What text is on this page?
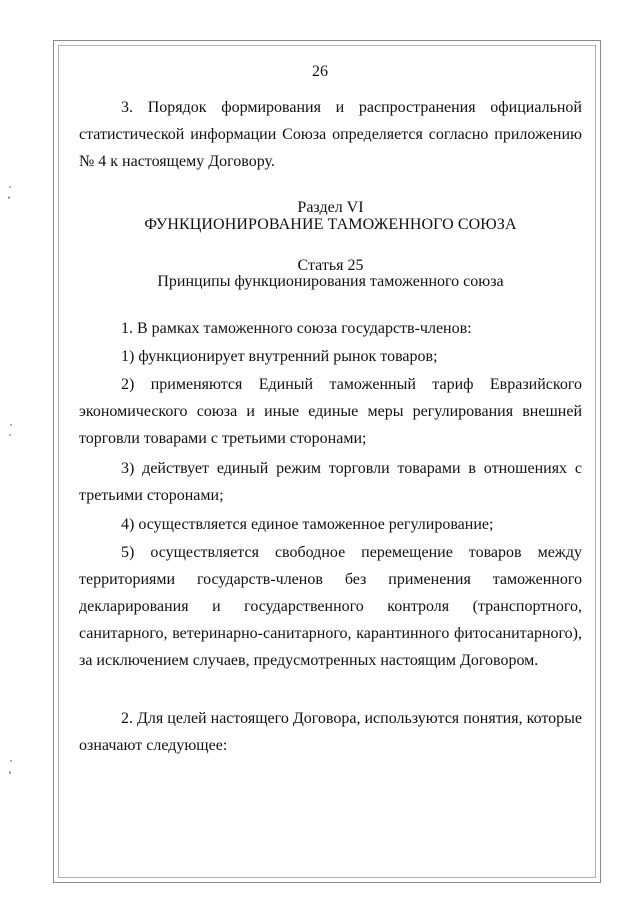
26
3. Порядок формирования и распространения официальной статистической информации Союза определяется согласно приложению № 4 к настоящему Договору.
Раздел VI
ФУНКЦИОНИРОВАНИЕ ТАМОЖЕННОГО СОЮЗА
Статья 25
Принципы функционирования таможенного союза
1. В рамках таможенного союза государств-членов:
1) функционирует внутренний рынок товаров;
2) применяются Единый таможенный тариф Евразийского экономического союза и иные единые меры регулирования внешней торговли товарами с третьими сторонами;
3) действует единый режим торговли товарами в отношениях с третьими сторонами;
4) осуществляется единое таможенное регулирование;
5) осуществляется свободное перемещение товаров между территориями государств-членов без применения таможенного декларирования и государственного контроля (транспортного, санитарного, ветеринарно-санитарного, карантинного фитосанитарного), за исключением случаев, предусмотренных настоящим Договором.
2. Для целей настоящего Договора, используются понятия, которые означают следующее:
